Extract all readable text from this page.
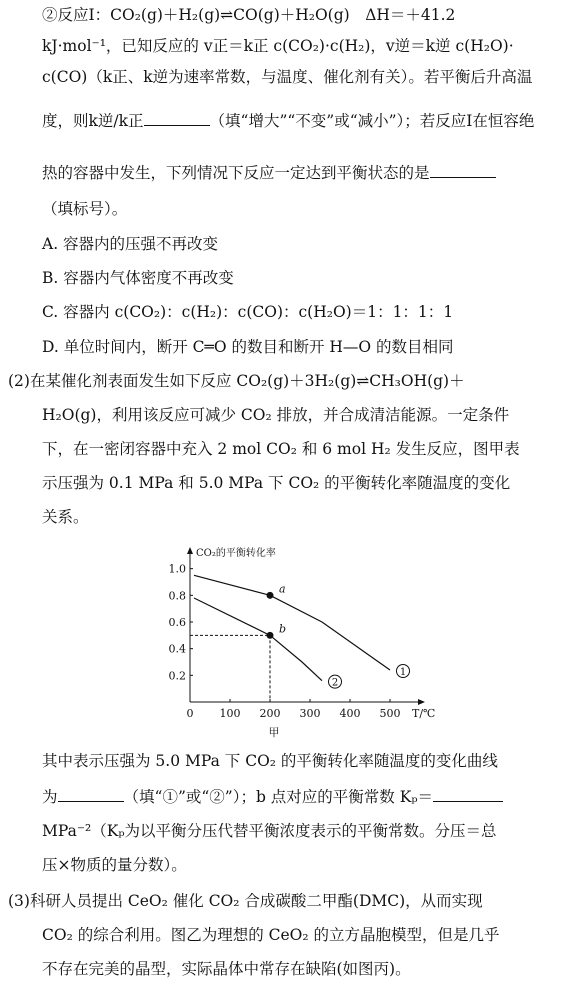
②反应Ⅰ：CO₂(g)＋H₂(g)⇌CO(g)＋H₂O(g)　ΔH＝＋41.2
kJ·mol⁻¹，已知反应的 v正＝k正 c(CO₂)·c(H₂)，v逆＝k逆 c(H₂O)·
c(CO)（k正、k逆为速率常数，与温度、催化剂有关）。若平衡后升高温
度，则k逆/k正	（填“增大”“不变”或“减小”）；若反应Ⅰ在恒容绝
热的容器中发生，下列情况下反应一定达到平衡状态的是
（填标号）。
A. 容器内的压强不再改变
B. 容器内气体密度不再改变
C. 容器内 c(CO₂)：c(H₂)：c(CO)：c(H₂O)＝1：1：1：1
D. 单位时间内，断开 C═O 的数目和断开 H—O 的数目相同
(2)在某催化剂表面发生如下反应 CO₂(g)＋3H₂(g)⇌CH₃OH(g)＋
H₂O(g)，利用该反应可减少 CO₂ 排放，并合成清洁能源。一定条件
下，在一密闭容器中充入 2 mol CO₂ 和 6 mol H₂ 发生反应，图甲表
示压强为 0.1 MPa 和 5.0 MPa 下 CO₂ 的平衡转化率随温度的变化
关系。
其中表示压强为 5.0 MPa 下 CO₂ 的平衡转化率随温度的变化曲线
为	（填“①”或“②”）；b 点对应的平衡常数 Kₚ＝
MPa⁻²（Kₚ为以平衡分压代替平衡浓度表示的平衡常数。分压＝总
压×物质的量分数）。
(3)科研人员提出 CeO₂ 催化 CO₂ 合成碳酸二甲酯(DMC)，从而实现
CO₂ 的综合利用。图乙为理想的 CeO₂ 的立方晶胞模型，但是几乎
不存在完美的晶型，实际晶体中常存在缺陷(如图丙)。
0.2
0.4
0.6
0.8
1.0
0 100 200 300 400 500
CO₂的平衡转化率
T/℃
甲
1
2
a
b
